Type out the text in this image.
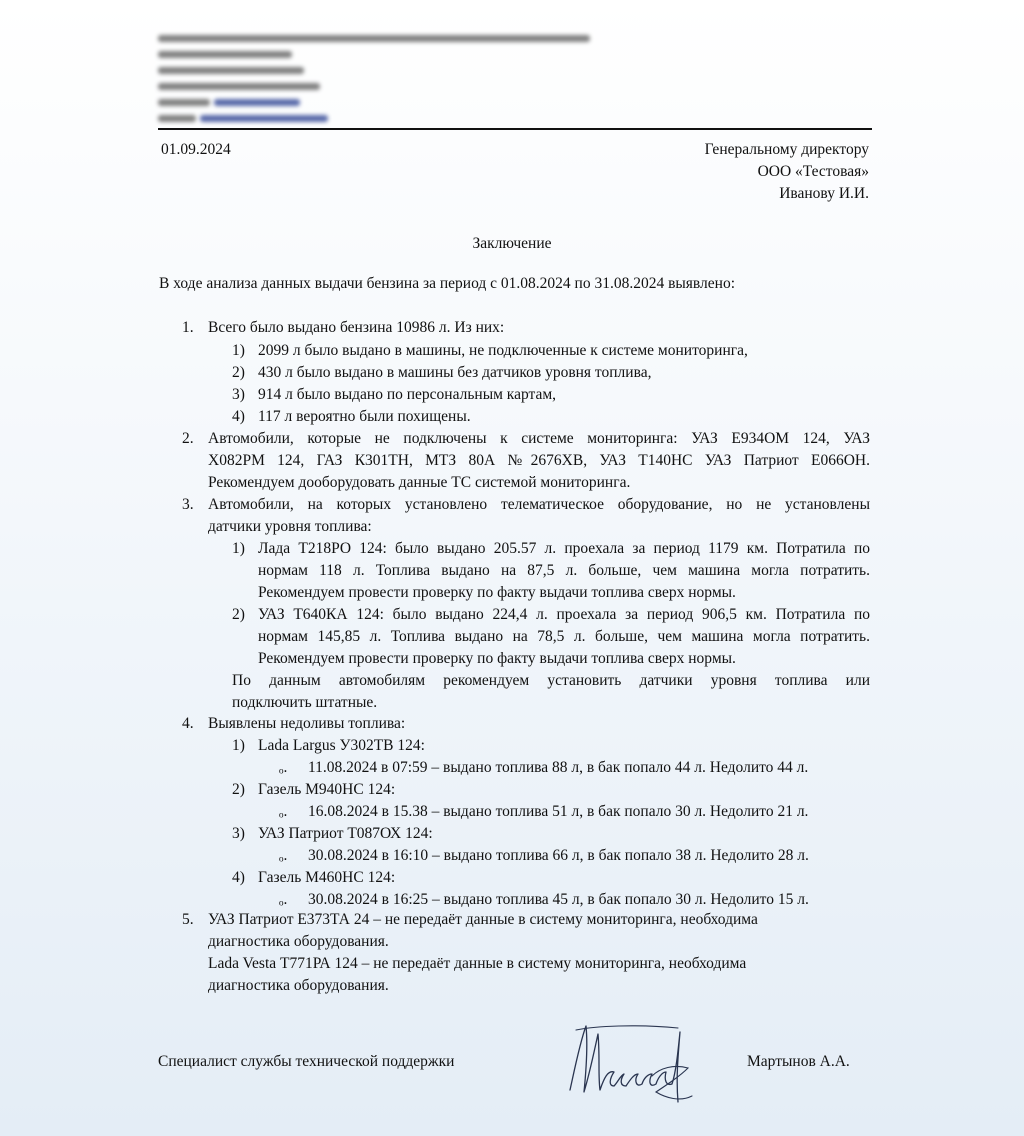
01.09.2024	Генеральному директору
ООО «Тестовая»
Иванову И.И.
Заключение
В ходе анализа данных выдачи бензина за период с 01.08.2024 по 31.08.2024 выявлено:
1. Всего было выдано бензина 10986 л. Из них:
1) 2099 л было выдано в машины, не подключенные к системе мониторинга,
2) 430 л было выдано в машины без датчиков уровня топлива,
3) 914 л было выдано по персональным картам,
4) 117 л вероятно были похищены.
2. Автомобили, которые не подключены к системе мониторинга: УАЗ Е934ОМ 124, УАЗ
Х082РМ 124, ГАЗ К301ТН, МТЗ 80А №2676ХВ, УАЗ Т140НС УАЗ Патриот Е066ОН.
Рекомендуем дооборудовать данные ТС системой мониторинга.
3. Автомобили, на которых установлено телематическое оборудование, но не установлены
датчики уровня топлива:
1) Лада Т218РО 124: было выдано 205.57 л. проехала за период 1179 км. Потратила по
нормам 118 л. Топлива выдано на 87,5 л. больше, чем машина могла потратить.
Рекомендуем провести проверку по факту выдачи топлива сверх нормы.
2) УАЗ Т640КА 124: было выдано 224,4 л. проехала за период 906,5 км. Потратила по
нормам 145,85 л. Топлива выдано на 78,5 л. больше, чем машина могла потратить.
Рекомендуем провести проверку по факту выдачи топлива сверх нормы.
По данным автомобилям рекомендуем установить датчики уровня топлива или
подключить штатные.
4. Выявлены недоливы топлива:
1) Lada Largus У302ТВ 124:
ₒ. 11.08.2024 в 07:59 – выдано топлива 88 л, в бак попало 44 л. Недолито 44 л.
2) Газель М940НС 124:
ₒ. 16.08.2024 в 15.38 – выдано топлива 51 л, в бак попало 30 л. Недолито 21 л.
3) УАЗ Патриот Т087ОХ 124:
ₒ. 30.08.2024 в 16:10 – выдано топлива 66 л, в бак попало 38 л. Недолито 28 л.
4) Газель М460НС 124:
ₒ. 30.08.2024 в 16:25 – выдано топлива 45 л, в бак попало 30 л. Недолито 15 л.
5. УАЗ Патриот Е373ТА 24 – не передаёт данные в систему мониторинга, необходима
диагностика оборудования.
Lada Vesta Т771РА 124 – не передаёт данные в систему мониторинга, необходима
диагностика оборудования.
Специалист службы технической поддержки	Мартынов А.А.
